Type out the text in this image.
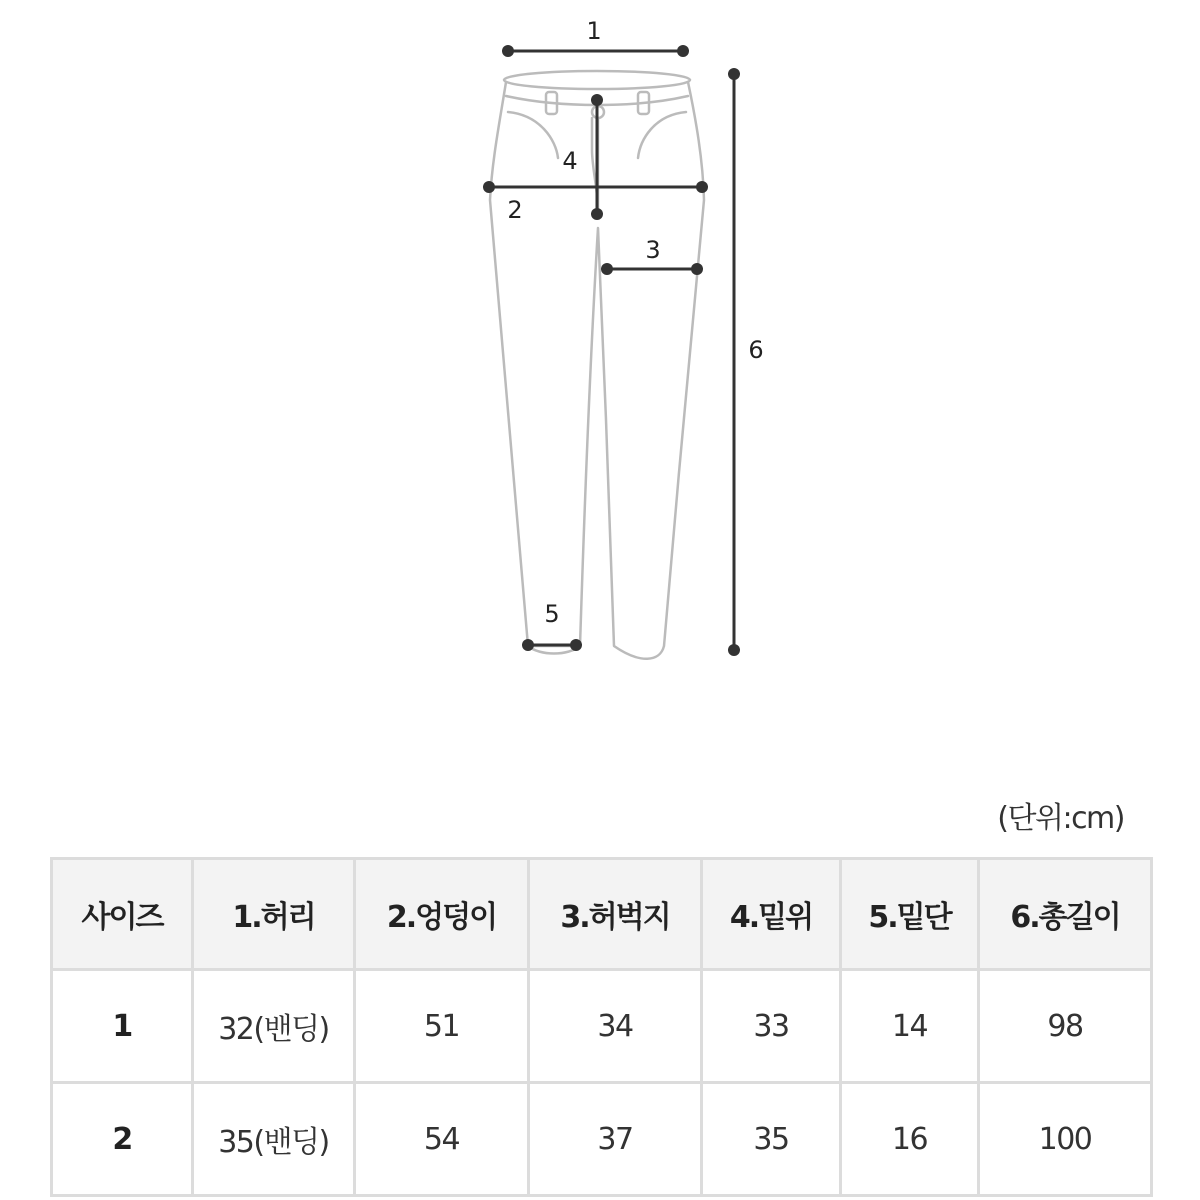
1
2
3
4
5
6
(단위:cm)
사이즈	1.허리	2.엉덩이	3.허벅지	4.밑위	5.밑단	6.총길이
1	32(밴딩)	51	34	33	14	98
2	35(밴딩)	54	37	35	16	100
